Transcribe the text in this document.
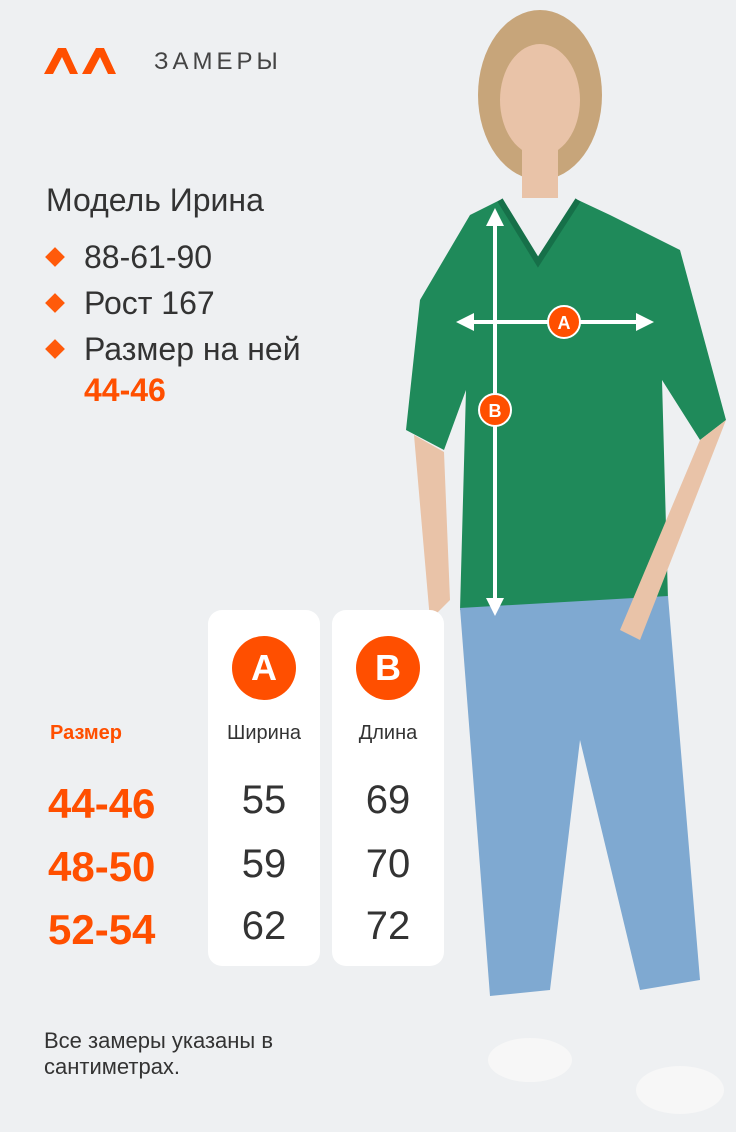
ЗАМЕРЫ
Модель Ирина
88-61-90
Рост 167
Размер на ней
44-46
A
B
Размер
44-46
48-50
52-54
A
Ширина
B
Длина
55
59
62
69
70
72
Все замеры указаны в сантиметрах.
